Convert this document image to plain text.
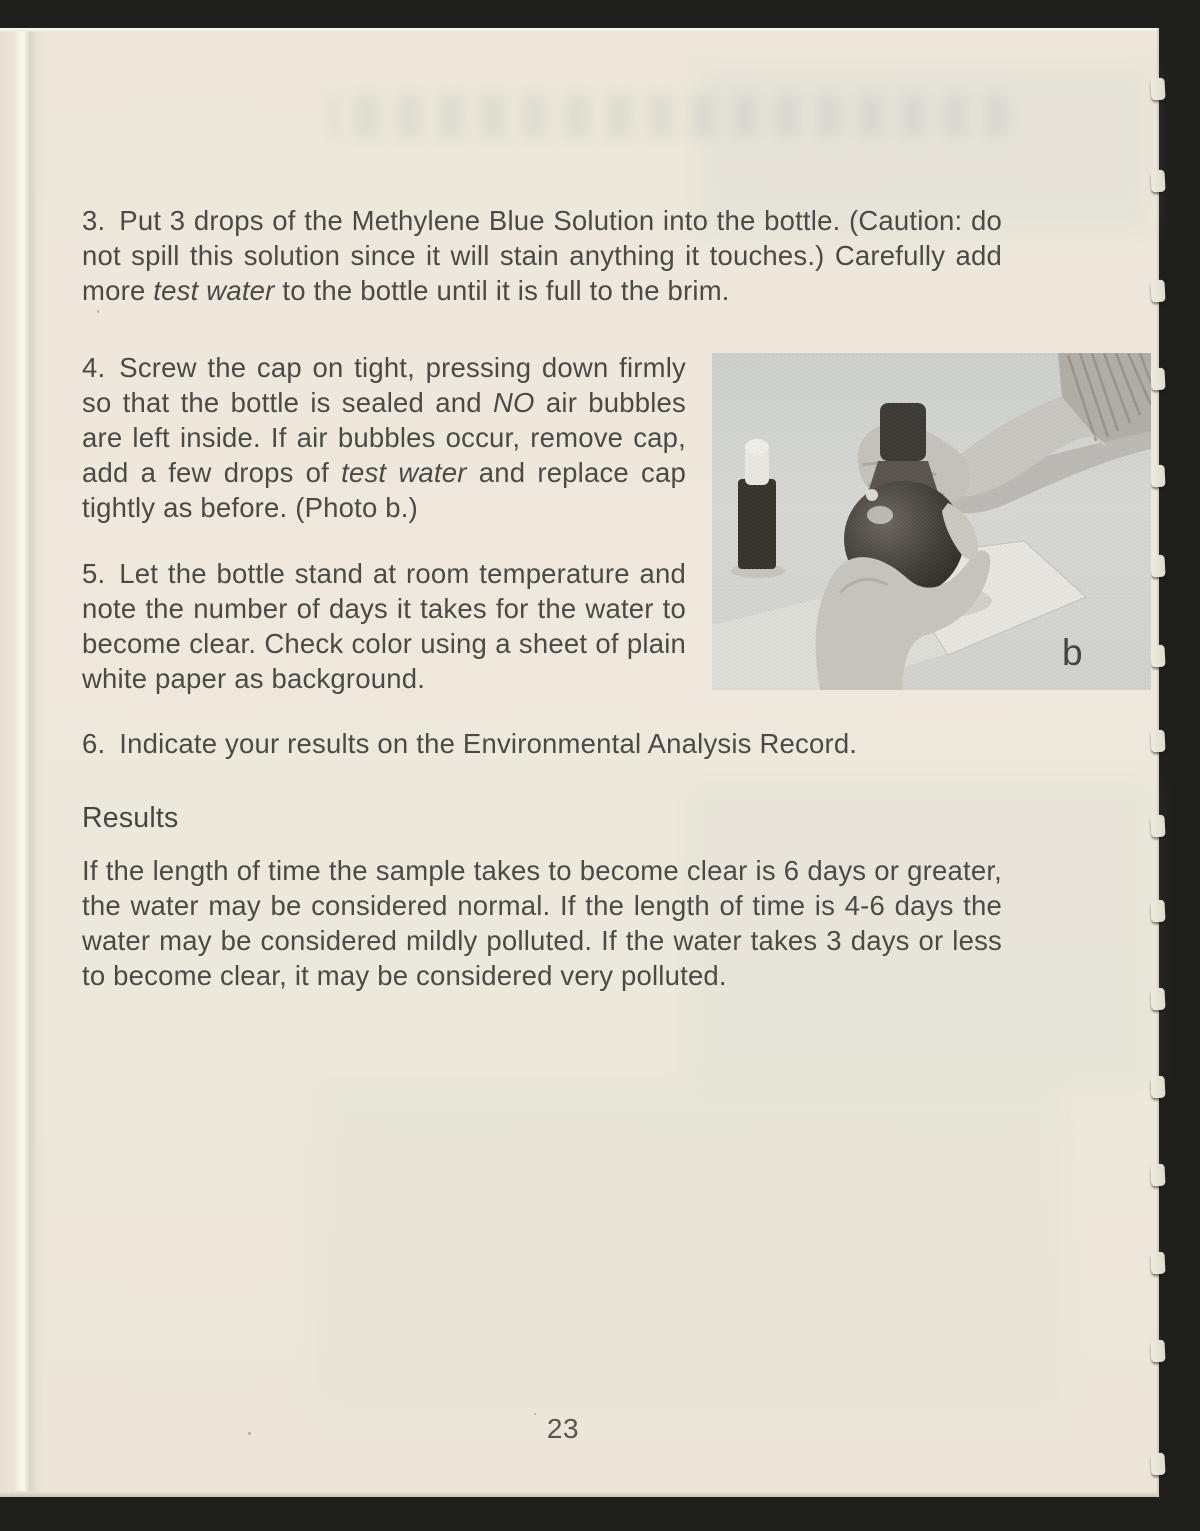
3. Put 3 drops of the Methylene Blue Solution into the bottle. (Caution: do not spill this solution since it will stain anything it touches.) Carefully add more test water to the bottle until it is full to the brim.

4. Screw the cap on tight, pressing down firmly so that the bottle is sealed and NO air bubbles are left inside. If air bubbles occur, remove cap, add a few drops of test water and replace cap tightly as before. (Photo b.)

5. Let the bottle stand at room temperature and note the number of days it takes for the water to become clear. Check color using a sheet of plain white paper as background.

b

6. Indicate your results on the Environmental Analysis Record.

Results

If the length of time the sample takes to become clear is 6 days or greater, the water may be considered normal. If the length of time is 4-6 days the water may be considered mildly polluted. If the water takes 3 days or less to become clear, it may be considered very polluted.

23
